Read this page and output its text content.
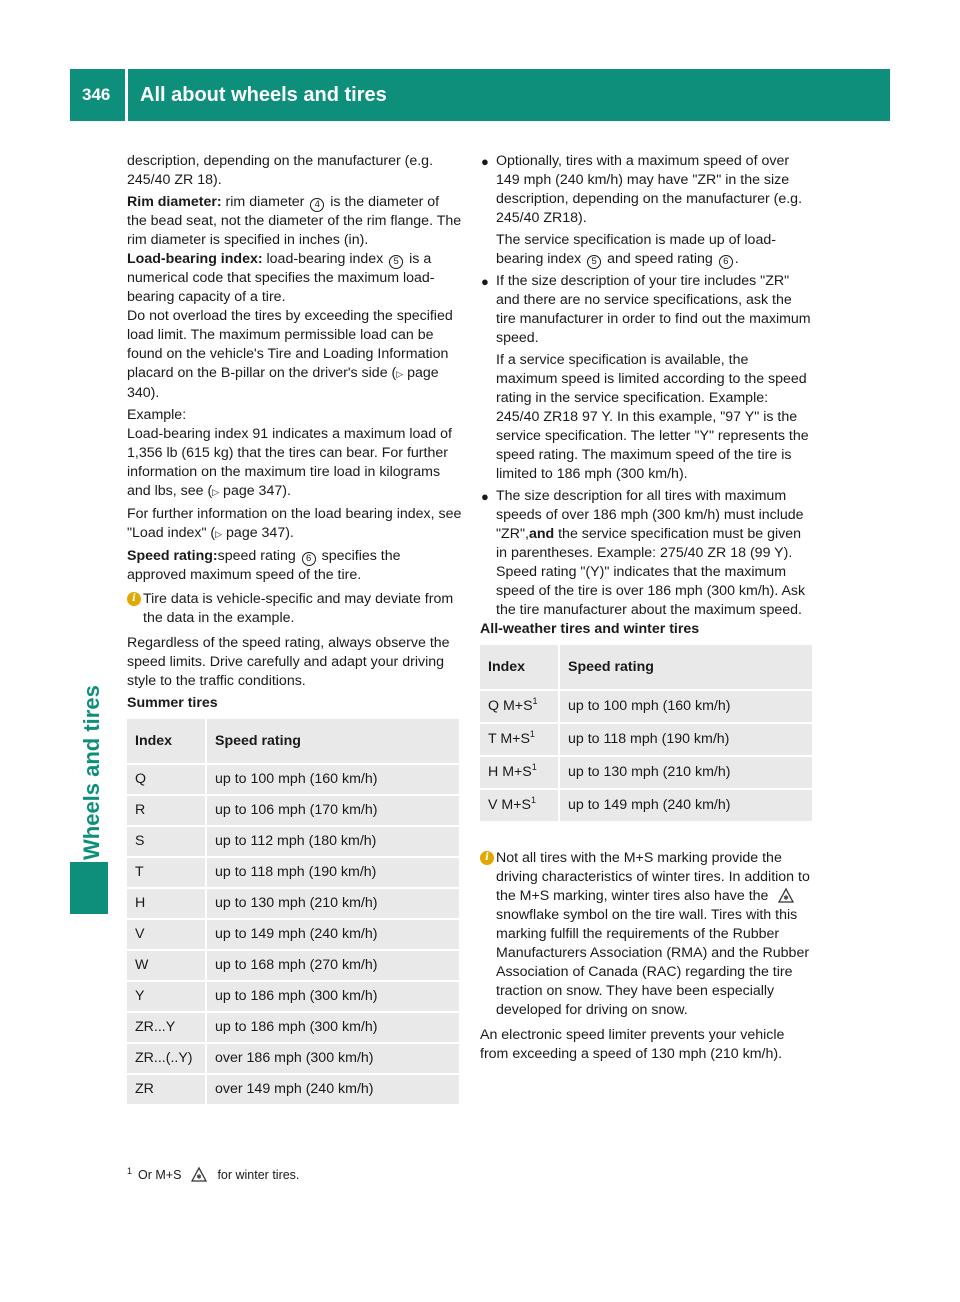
346	All about wheels and tires
Wheels and tires

description, depending on the manufacturer (e.g. 245/40 ZR 18).

Rim diameter: rim diameter 4 is the diameter of the bead seat, not the diameter of the rim flange. The rim diameter is specified in inches (in).

Load-bearing index: load-bearing index 5 is a numerical code that specifies the maximum load-bearing capacity of a tire.

Do not overload the tires by exceeding the specified load limit. The maximum permissible load can be found on the vehicle's Tire and Loading Information placard on the B-pillar on the driver's side (▷ page 340).

Example:

Load-bearing index 91 indicates a maximum load of 1,356 lb (615 kg) that the tires can bear. For further information on the maximum tire load in kilograms and lbs, see (▷ page 347).

For further information on the load bearing index, see "Load index" (▷ page 347).

Speed rating:speed rating 6 specifies the approved maximum speed of the tire.

i Tire data is vehicle-specific and may deviate from the data in the example.

Regardless of the speed rating, always observe the speed limits. Drive carefully and adapt your driving style to the traffic conditions.

Summer tires

Index	Speed rating
Q	up to 100 mph (160 km/h)
R	up to 106 mph (170 km/h)
S	up to 112 mph (180 km/h)
T	up to 118 mph (190 km/h)
H	up to 130 mph (210 km/h)
V	up to 149 mph (240 km/h)
W	up to 168 mph (270 km/h)
Y	up to 186 mph (300 km/h)
ZR...Y	up to 186 mph (300 km/h)
ZR...(..Y)	over 186 mph (300 km/h)
ZR	over 149 mph (240 km/h)
● Optionally, tires with a maximum speed of over 149 mph (240 km/h) may have "ZR" in the size description, depending on the manufacturer (e.g. 245/40 ZR18).

The service specification is made up of load-bearing index 5 and speed rating 6 .

● If the size description of your tire includes "ZR" and there are no service specifications, ask the tire manufacturer in order to find out the maximum speed.

If a service specification is available, the maximum speed is limited according to the speed rating in the service specification. Example: 245/40 ZR18 97 Y. In this example, "97 Y" is the service specification. The letter "Y" represents the speed rating. The maximum speed of the tire is limited to 186 mph (300 km/h).

● The size description for all tires with maximum speeds of over 186 mph (300 km/h) must include "ZR",and the service specification must be given in parentheses. Example: 275/40 ZR 18 (99 Y). Speed rating "(Y)" indicates that the maximum speed of the tire is over 186 mph (300 km/h). Ask the tire manufacturer about the maximum speed.

All-weather tires and winter tires

Index	Speed rating
Q $M+S^1$	up to 100 mph (160 km/h)
T $M+S^1$	up to 118 mph (190 km/h)
H $M+S^1$	up to 130 mph (210 km/h)
V $M+S^1$	up to 149 mph (240 km/h)
i Not all tires with the M+S marking provide the driving characteristics of winter tires. In addition to the M+S marking, winter tires also have thesnowflake symbol on the tire wall. Tires with this marking fulfill the requirements of the Rubber Manufacturers Association (RMA) and the Rubber Association of Canada (RAC) regarding the tire traction on snow. They have been especially developed for driving on snow.

An electronic speed limiter prevents your vehicle from exceeding a speed of 130 mph (210 km/h).

$^1$ Or M+S	for winter tires.
